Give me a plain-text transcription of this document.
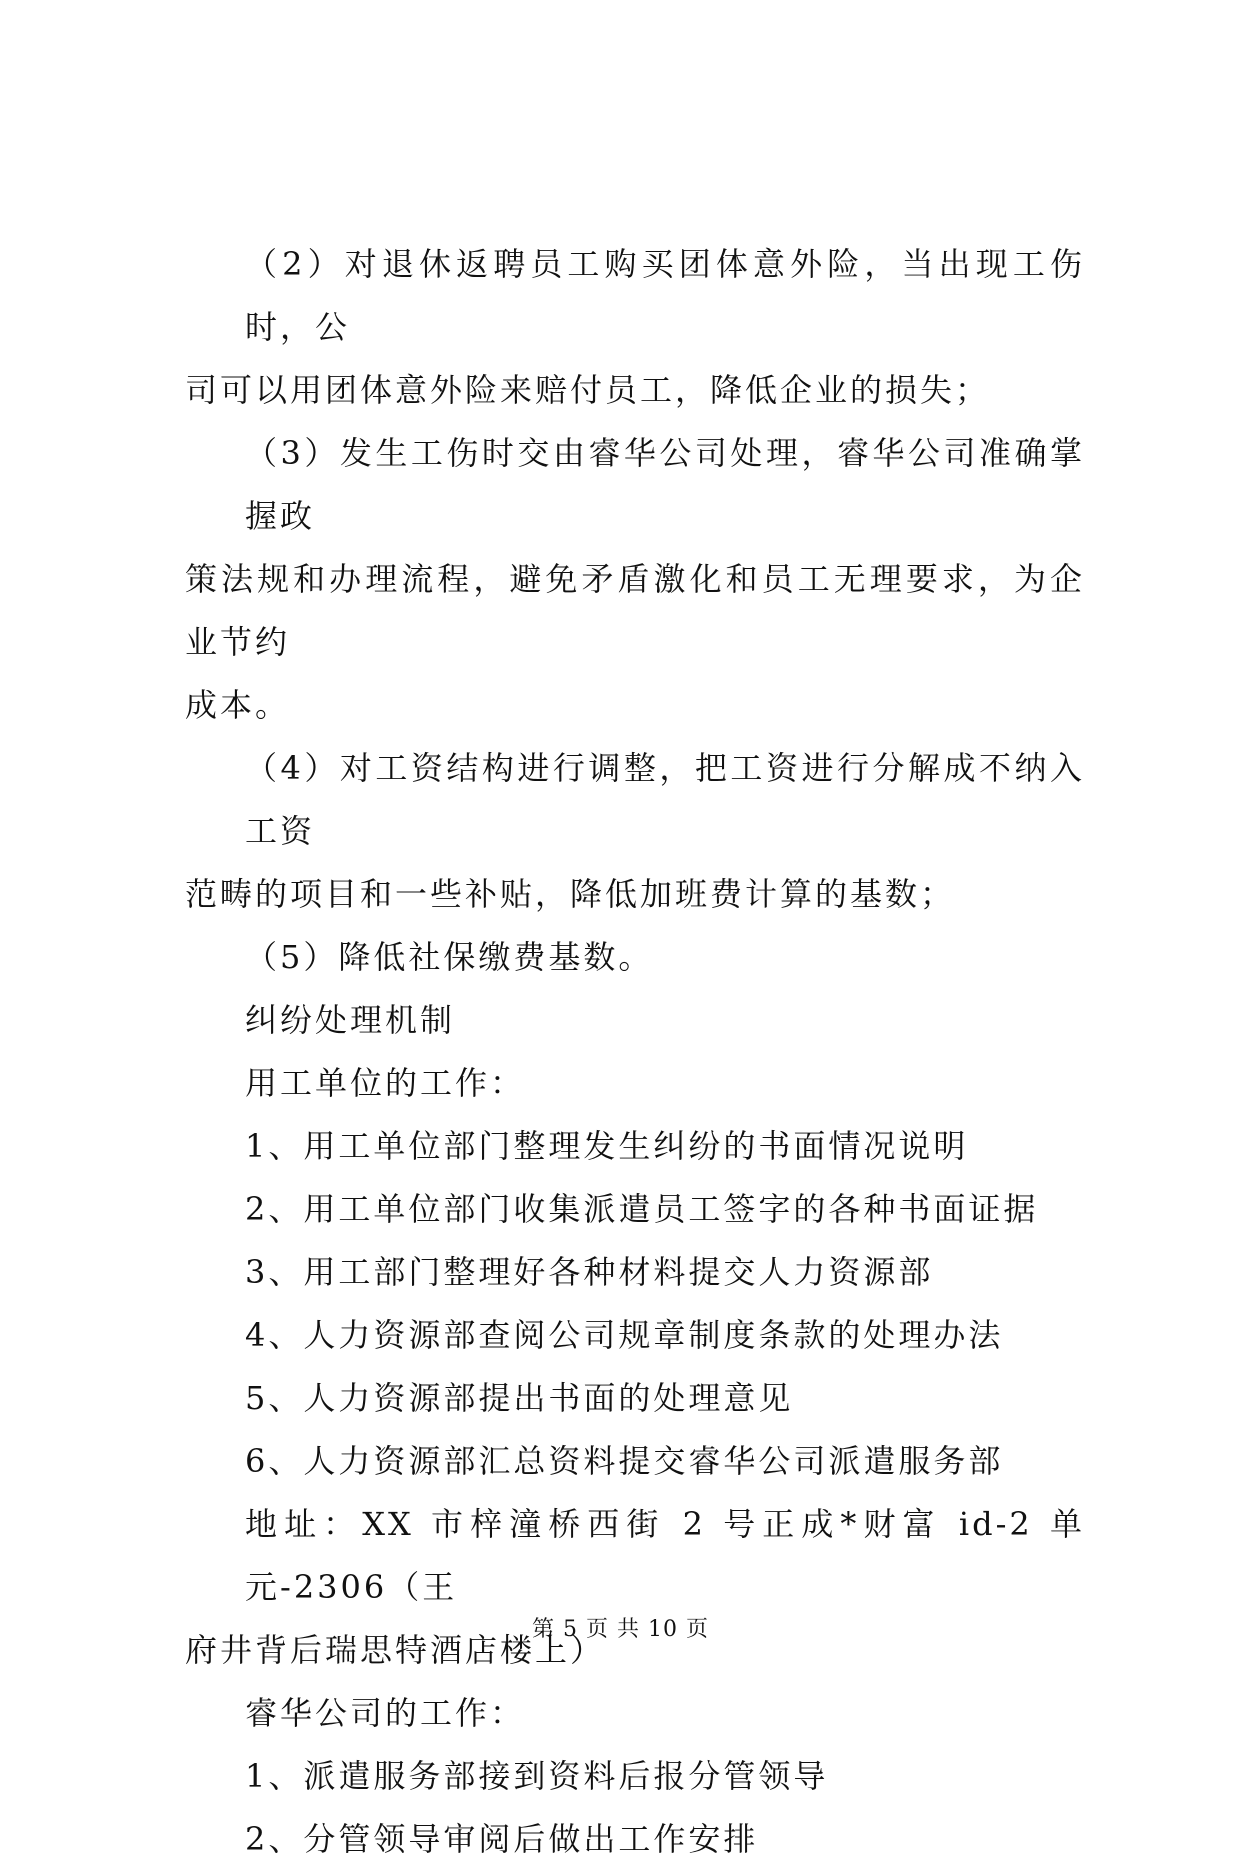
（2）对退休返聘员工购买团体意外险，当出现工伤时，公
司可以用团体意外险来赔付员工，降低企业的损失；

（3）发生工伤时交由睿华公司处理，睿华公司准确掌握政
策法规和办理流程，避免矛盾激化和员工无理要求，为企业节约
成本。

（4）对工资结构进行调整，把工资进行分解成不纳入工资
范畴的项目和一些补贴，降低加班费计算的基数；

（5）降低社保缴费基数。

纠纷处理机制

用工单位的工作：

1、用工单位部门整理发生纠纷的书面情况说明

2、用工单位部门收集派遣员工签字的各种书面证据

3、用工部门整理好各种材料提交人力资源部

4、人力资源部查阅公司规章制度条款的处理办法

5、人力资源部提出书面的处理意见

6、人力资源部汇总资料提交睿华公司派遣服务部

地址：XX 市梓潼桥西街 2 号正成*财富 id-2 单元-2306（王
府井背后瑞思特酒店楼上）

睿华公司的工作：

1、派遣服务部接到资料后报分管领导

2、分管领导审阅后做出工作安排

第 5 页 共 10 页
